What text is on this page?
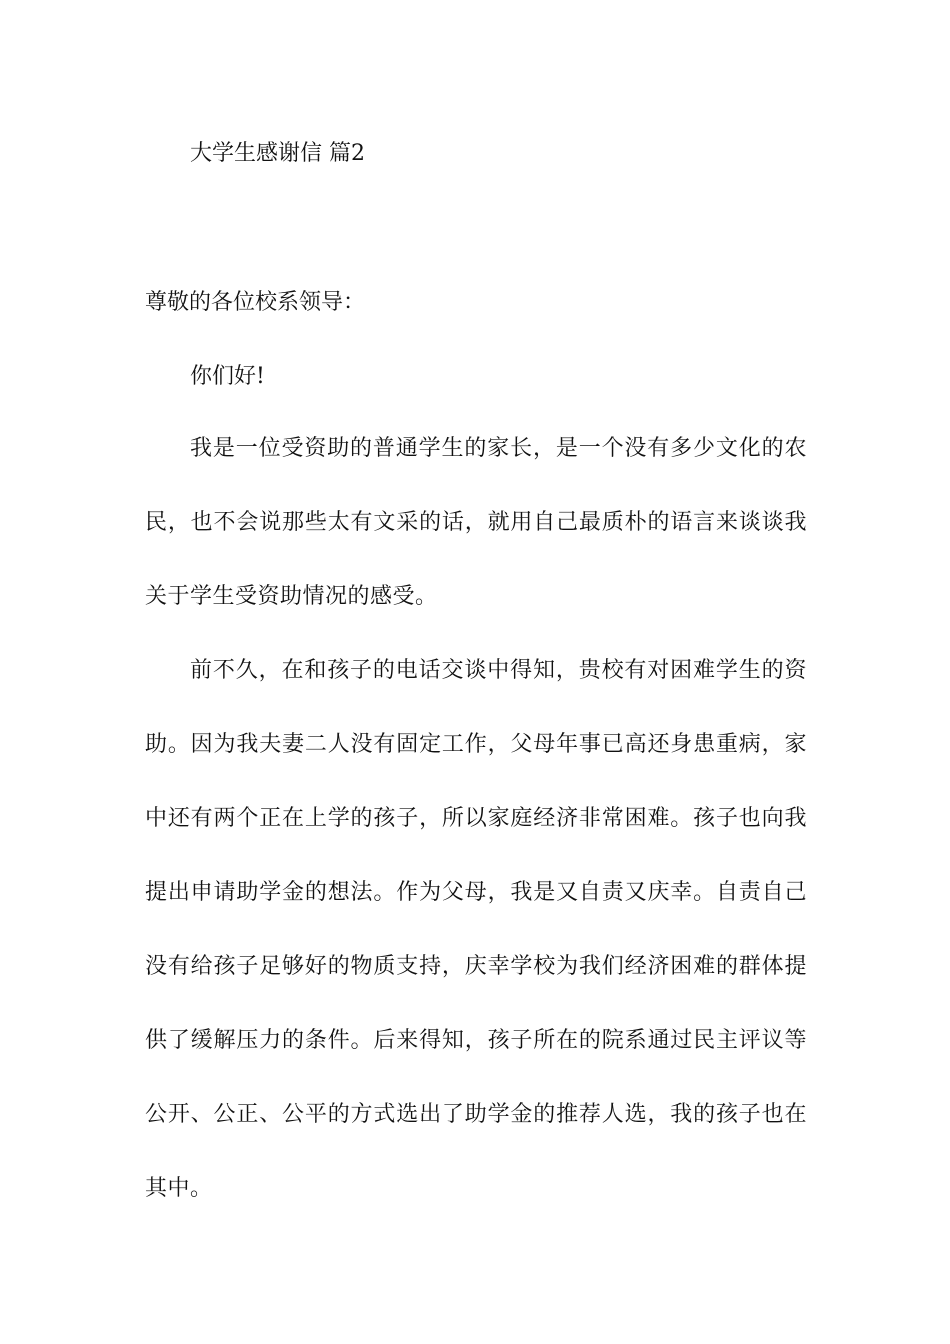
大学生感谢信 篇2
尊敬的各位校系领导：
你们好!
我是一位受资助的普通学生的家长，是一个没有多少文化的农民，也不会说那些太有文采的话，就用自己最质朴的语言来谈谈我关于学生受资助情况的感受。
前不久，在和孩子的电话交谈中得知，贵校有对困难学生的资助。因为我夫妻二人没有固定工作，父母年事已高还身患重病，家中还有两个正在上学的孩子，所以家庭经济非常困难。孩子也向我提出申请助学金的想法。作为父母，我是又自责又庆幸。自责自己没有给孩子足够好的物质支持，庆幸学校为我们经济困难的群体提供了缓解压力的条件。后来得知，孩子所在的院系通过民主评议等公开、公正、公平的方式选出了助学金的推荐人选，我的孩子也在其中。
